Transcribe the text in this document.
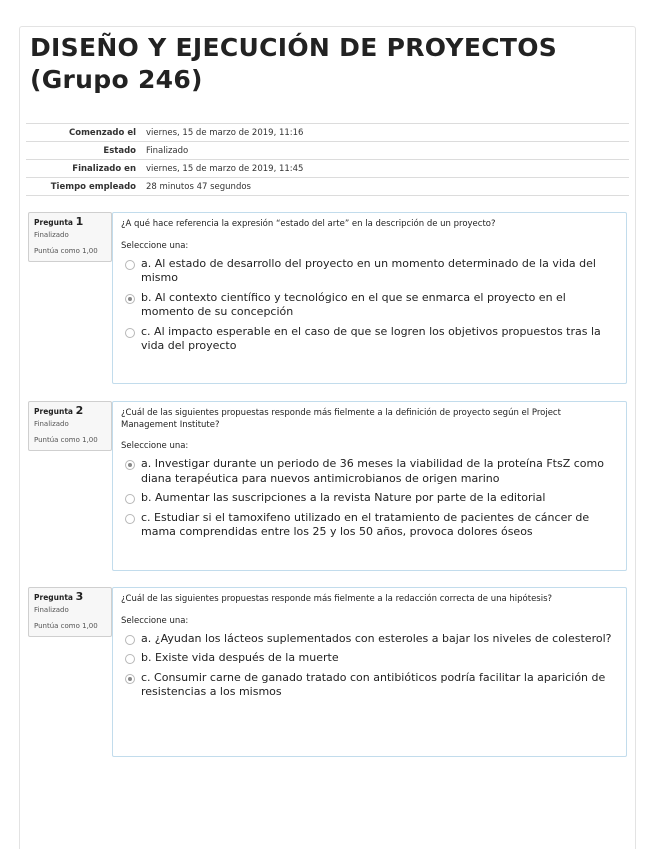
DISEÑO Y EJECUCIÓN DE PROYECTOS (Grupo 246)
Comenzado el	viernes, 15 de marzo de 2019, 11:16
Estado	Finalizado
Finalizado en	viernes, 15 de marzo de 2019, 11:45
Tiempo empleado	28 minutos 47 segundos
Pregunta 1
Finalizado
Puntúa como 1,00
¿A qué hace referencia la expresión “estado del arte” en la descripción de un proyecto?
Seleccione una:
a. Al estado de desarrollo del proyecto en un momento determinado de la vida del mismo
b. Al contexto científico y tecnológico en el que se enmarca el proyecto en el momento de su concepción
c. Al impacto esperable en el caso de que se logren los objetivos propuestos tras la vida del proyecto
Pregunta 2
Finalizado
Puntúa como 1,00
¿Cuál de las siguientes propuestas responde más fielmente a la definición de proyecto según el Project Management Institute?
Seleccione una:
a. Investigar durante un periodo de 36 meses la viabilidad de la proteína FtsZ como diana terapéutica para nuevos antimicrobianos de origen marino
b. Aumentar las suscripciones a la revista Nature por parte de la editorial
c. Estudiar si el tamoxifeno utilizado en el tratamiento de pacientes de cáncer de mama comprendidas entre los 25 y los 50 años, provoca dolores óseos
Pregunta 3
Finalizado
Puntúa como 1,00
¿Cuál de las siguientes propuestas responde más fielmente a la redacción correcta de una hipótesis?
Seleccione una:
a. ¿Ayudan los lácteos suplementados con esteroles a bajar los niveles de colesterol?
b. Existe vida después de la muerte
c. Consumir carne de ganado tratado con antibióticos podría facilitar la aparición de resistencias a los mismos
